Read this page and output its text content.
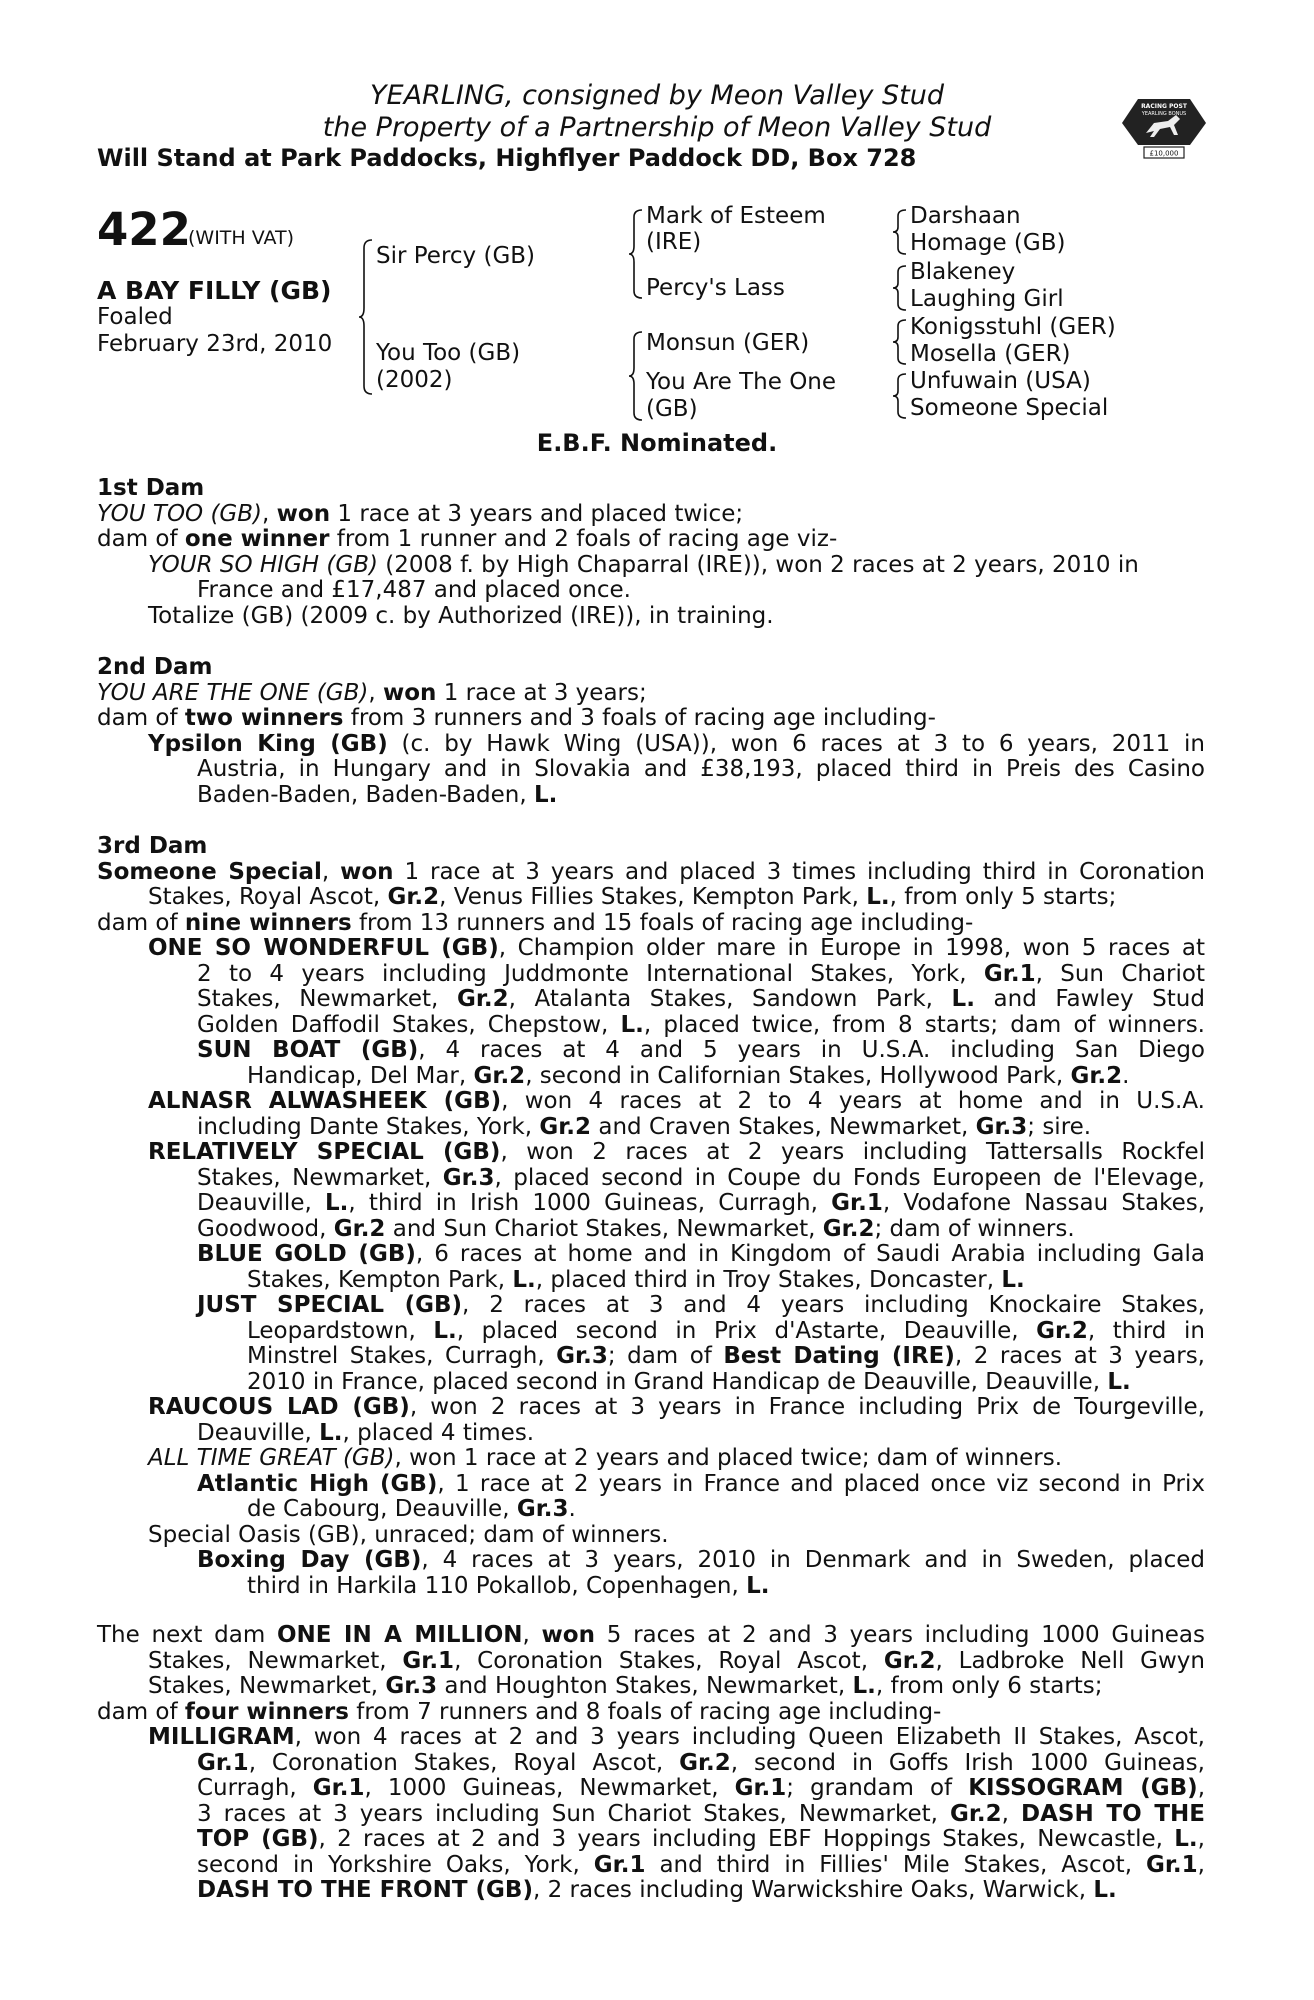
YEARLING, consigned by Meon Valley Stud
the Property of a Partnership of Meon Valley Stud
Will Stand at Park Paddocks, Highflyer Paddock DD, Box 728
RACING POST
YEARLING BONUS
£10,000
422
(WITH VAT)
A BAY FILLY (GB)
Foaled
February 23rd, 2010
Sir Percy (GB)
You Too (GB)
(2002)
Mark of Esteem
(IRE)
Percy's Lass
Monsun (GER)
You Are The One
(GB)
Darshaan
Homage (GB)
Blakeney
Laughing Girl
Konigsstuhl (GER)
Mosella (GER)
Unfuwain (USA)
Someone Special
E.B.F. Nominated.
1st Dam
YOU TOO (GB), won 1 race at 3 years and placed twice;
dam of one winner from 1 runner and 2 foals of racing age viz-
YOUR SO HIGH (GB) (2008 f. by High Chaparral (IRE)), won 2 races at 2 years, 2010 in
France and £17,487 and placed once.
Totalize (GB) (2009 c. by Authorized (IRE)), in training.
2nd Dam
YOU ARE THE ONE (GB), won 1 race at 3 years;
dam of two winners from 3 runners and 3 foals of racing age including-
Ypsilon King (GB) (c. by Hawk Wing (USA)), won 6 races at 3 to 6 years, 2011 in
Austria, in Hungary and in Slovakia and £38,193, placed third in Preis des Casino
Baden-Baden, Baden-Baden, L.
3rd Dam
Someone Special, won 1 race at 3 years and placed 3 times including third in Coronation
Stakes, Royal Ascot, Gr.2, Venus Fillies Stakes, Kempton Park, L., from only 5 starts;
dam of nine winners from 13 runners and 15 foals of racing age including-
ONE SO WONDERFUL (GB), Champion older mare in Europe in 1998, won 5 races at
2 to 4 years including Juddmonte International Stakes, York, Gr.1, Sun Chariot
Stakes, Newmarket, Gr.2, Atalanta Stakes, Sandown Park, L. and Fawley Stud
Golden Daffodil Stakes, Chepstow, L., placed twice, from 8 starts; dam of winners.
SUN BOAT (GB), 4 races at 4 and 5 years in U.S.A. including San Diego
Handicap, Del Mar, Gr.2, second in Californian Stakes, Hollywood Park, Gr.2.
ALNASR ALWASHEEK (GB), won 4 races at 2 to 4 years at home and in U.S.A.
including Dante Stakes, York, Gr.2 and Craven Stakes, Newmarket, Gr.3; sire.
RELATIVELY SPECIAL (GB), won 2 races at 2 years including Tattersalls Rockfel
Stakes, Newmarket, Gr.3, placed second in Coupe du Fonds Europeen de l'Elevage,
Deauville, L., third in Irish 1000 Guineas, Curragh, Gr.1, Vodafone Nassau Stakes,
Goodwood, Gr.2 and Sun Chariot Stakes, Newmarket, Gr.2; dam of winners.
BLUE GOLD (GB), 6 races at home and in Kingdom of Saudi Arabia including Gala
Stakes, Kempton Park, L., placed third in Troy Stakes, Doncaster, L.
JUST SPECIAL (GB), 2 races at 3 and 4 years including Knockaire Stakes,
Leopardstown, L., placed second in Prix d'Astarte, Deauville, Gr.2, third in
Minstrel Stakes, Curragh, Gr.3; dam of Best Dating (IRE), 2 races at 3 years,
2010 in France, placed second in Grand Handicap de Deauville, Deauville, L.
RAUCOUS LAD (GB), won 2 races at 3 years in France including Prix de Tourgeville,
Deauville, L., placed 4 times.
ALL TIME GREAT (GB), won 1 race at 2 years and placed twice; dam of winners.
Atlantic High (GB), 1 race at 2 years in France and placed once viz second in Prix
de Cabourg, Deauville, Gr.3.
Special Oasis (GB), unraced; dam of winners.
Boxing Day (GB), 4 races at 3 years, 2010 in Denmark and in Sweden, placed
third in Harkila 110 Pokallob, Copenhagen, L.
The next dam ONE IN A MILLION, won 5 races at 2 and 3 years including 1000 Guineas
Stakes, Newmarket, Gr.1, Coronation Stakes, Royal Ascot, Gr.2, Ladbroke Nell Gwyn
Stakes, Newmarket, Gr.3 and Houghton Stakes, Newmarket, L., from only 6 starts;
dam of four winners from 7 runners and 8 foals of racing age including-
MILLIGRAM, won 4 races at 2 and 3 years including Queen Elizabeth II Stakes, Ascot,
Gr.1, Coronation Stakes, Royal Ascot, Gr.2, second in Goffs Irish 1000 Guineas,
Curragh, Gr.1, 1000 Guineas, Newmarket, Gr.1; grandam of KISSOGRAM (GB),
3 races at 3 years including Sun Chariot Stakes, Newmarket, Gr.2, DASH TO THE
TOP (GB), 2 races at 2 and 3 years including EBF Hoppings Stakes, Newcastle, L.,
second in Yorkshire Oaks, York, Gr.1 and third in Fillies' Mile Stakes, Ascot, Gr.1,
DASH TO THE FRONT (GB), 2 races including Warwickshire Oaks, Warwick, L.
